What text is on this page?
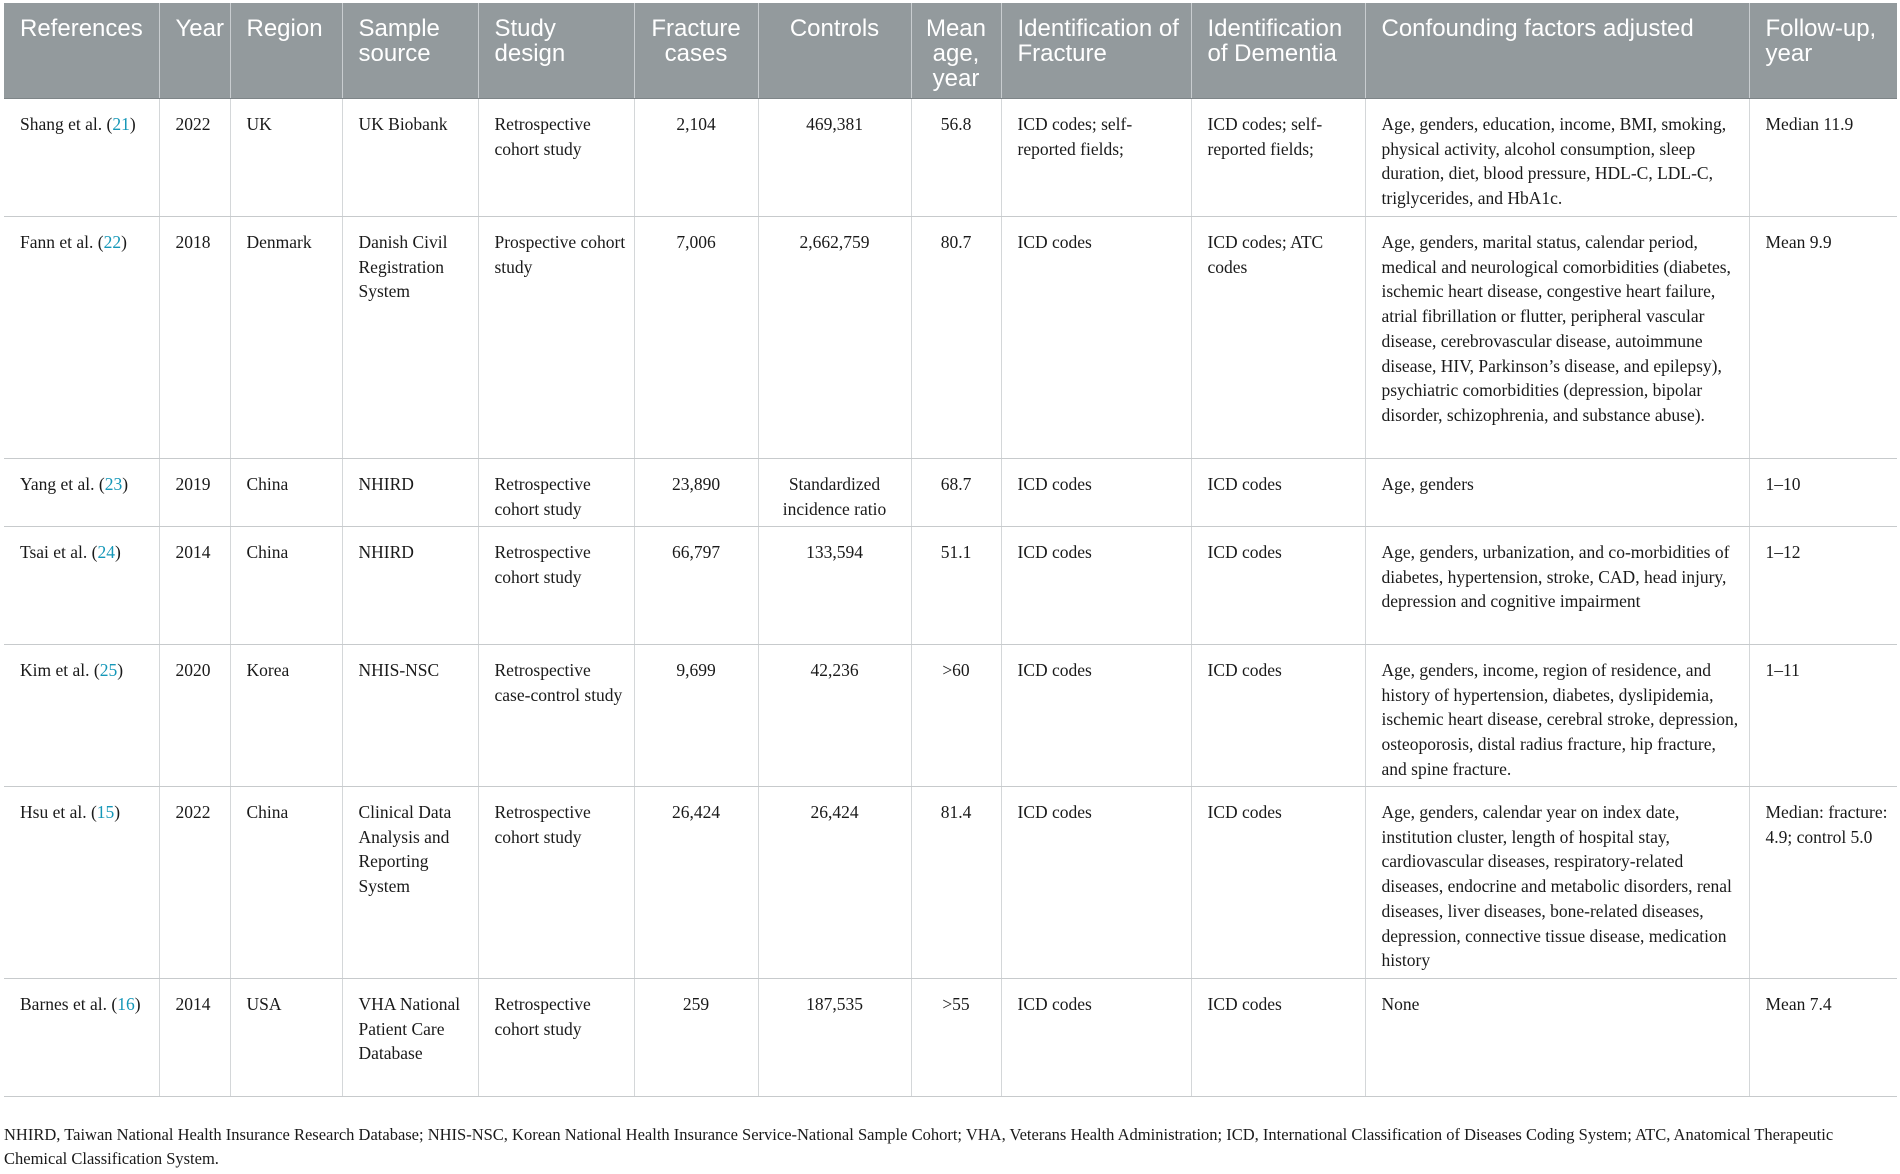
References	Year	Region	Sample source	Study design	Fracture cases	Controls	Mean age, year	Identification of Fracture	Identification of Dementia	Confounding factors adjusted	Follow-up, year
Shang et al. (21)	2022	UK	UK Biobank	Retrospective cohort study	2,104	469,381	56.8	ICD codes; self-reported fields;	ICD codes; self-reported fields;	Age, genders, education, income, BMI, smoking, physical activity, alcohol consumption, sleep duration, diet, blood pressure, HDL-C, LDL-C, triglycerides, and HbA1c.	Median 11.9
Fann et al. (22)	2018	Denmark	Danish Civil Registration System	Prospective cohort study	7,006	2,662,759	80.7	ICD codes	ICD codes; ATC codes	Age, genders, marital status, calendar period, medical and neurological comorbidities (diabetes, ischemic heart disease, congestive heart failure, atrial fibrillation or flutter, peripheral vascular disease, cerebrovascular disease, autoimmune disease, HIV, Parkinson’s disease, and epilepsy), psychiatric comorbidities (depression, bipolar disorder, schizophrenia, and substance abuse).	Mean 9.9
Yang et al. (23)	2019	China	NHIRD	Retrospective cohort study	23,890	Standardized incidence ratio	68.7	ICD codes	ICD codes	Age, genders	1–10
Tsai et al. (24)	2014	China	NHIRD	Retrospective cohort study	66,797	133,594	51.1	ICD codes	ICD codes	Age, genders, urbanization, and co-morbidities of diabetes, hypertension, stroke, CAD, head injury, depression and cognitive impairment	1–12
Kim et al. (25)	2020	Korea	NHIS-NSC	Retrospective case-control study	9,699	42,236	>60	ICD codes	ICD codes	Age, genders, income, region of residence, and history of hypertension, diabetes, dyslipidemia, ischemic heart disease, cerebral stroke, depression, osteoporosis, distal radius fracture, hip fracture, and spine fracture.	1–11
Hsu et al. (15)	2022	China	Clinical Data Analysis and Reporting System	Retrospective cohort study	26,424	26,424	81.4	ICD codes	ICD codes	Age, genders, calendar year on index date, institution cluster, length of hospital stay, cardiovascular diseases, respiratory-related diseases, endocrine and metabolic disorders, renal diseases, liver diseases, bone-related diseases, depression, connective tissue disease, medication history	Median: fracture: 4.9; control 5.0
Barnes et al. (16)	2014	USA	VHA National Patient Care Database	Retrospective cohort study	259	187,535	>55	ICD codes	ICD codes	None	Mean 7.4
NHIRD, Taiwan National Health Insurance Research Database; NHIS-NSC, Korean National Health Insurance Service-National Sample Cohort; VHA, Veterans Health Administration; ICD, International Classification of Diseases Coding System; ATC, Anatomical Therapeutic Chemical Classification System.
